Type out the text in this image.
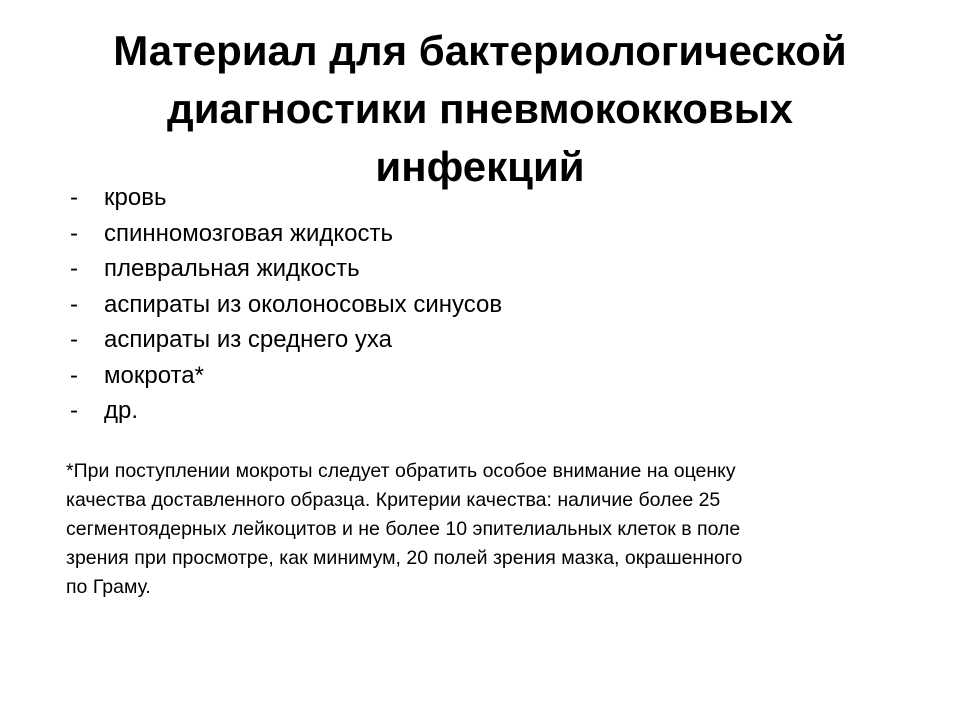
Материал для бактериологической
диагностики пневмококковых
инфекций
-	кровь
-	спинномозговая жидкость
-	плевральная жидкость
-	аспираты из околоносовых синусов
-	аспираты из среднего уха
-	мокрота*
-	др.

*При поступлении мокроты следует обратить особое внимание на оценку
качества доставленного образца. Критерии качества: наличие более 25
сегментоядерных лейкоцитов и не более 10 эпителиальных клеток в поле
зрения при просмотре, как минимум, 20 полей зрения мазка, окрашенного
по Граму.
